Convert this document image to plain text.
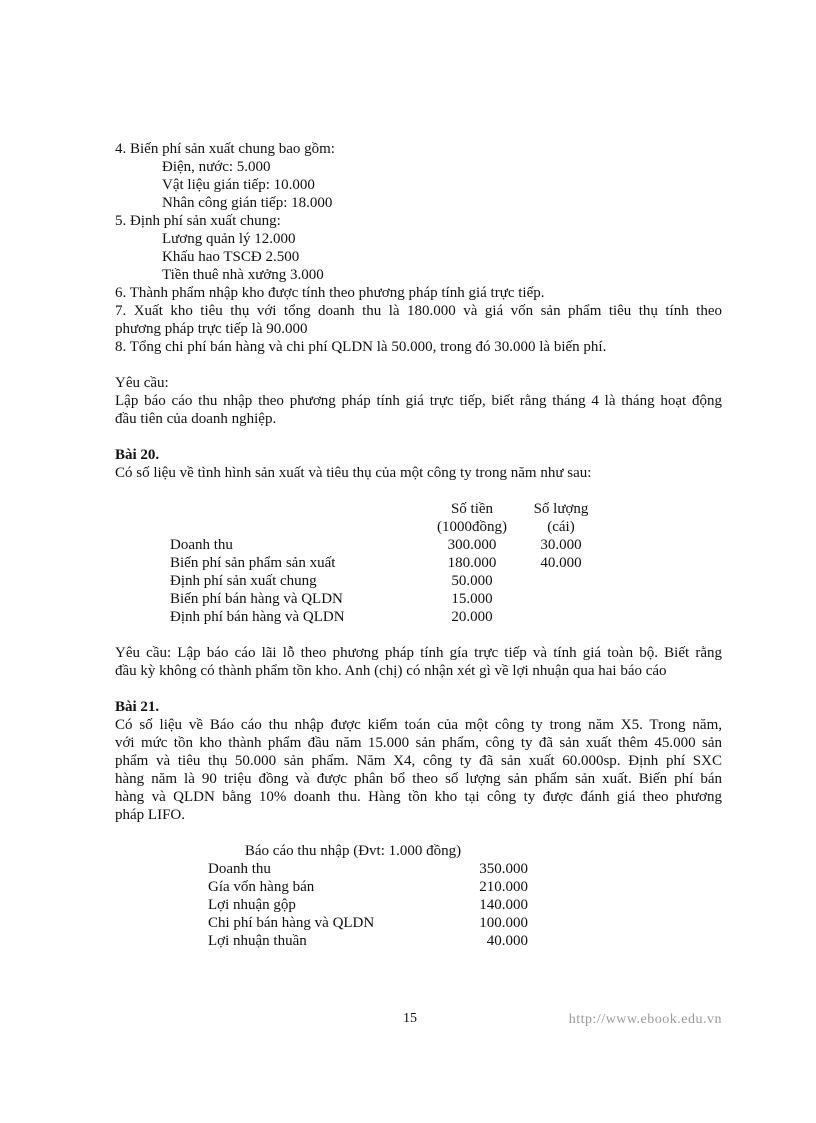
4. Biến phí sản xuất chung bao gồm:
Điện, nước: 5.000
Vật liệu gián tiếp: 10.000
Nhân công gián tiếp: 18.000
5. Định phí sản xuất chung:
Lương quản lý 12.000
Khấu hao TSCĐ 2.500
Tiền thuê nhà xưởng 3.000
6. Thành phẩm nhập kho được tính theo phương pháp tính giá trực tiếp.
7. Xuất kho tiêu thụ với tổng doanh thu là 180.000 và giá vốn sản phẩm tiêu thụ tính theo
phương pháp trực tiếp là 90.000
8. Tổng chi phí bán hàng và chi phí QLDN là 50.000, trong đó 30.000 là biến phí.
Yêu cầu:
Lập báo cáo thu nhập theo phương pháp tính giá trực tiếp, biết rằng tháng 4 là tháng hoạt động
đầu tiên của doanh nghiệp.
Bài 20.
Có số liệu về tình hình sản xuất và tiêu thụ của một công ty trong năm như sau:
	Số tiền	Số lượng
	(1000đồng)	(cái)
Doanh thu	300.000	30.000
Biến phí sản phẩm sản xuất	180.000	40.000
Định phí sản xuất chung	50.000	
Biến phí bán hàng và QLDN	15.000	
Định phí bán hàng và QLDN	20.000	
Yêu cầu: Lập báo cáo lãi lỗ theo phương pháp tính gía trực tiếp và tính giá toàn bộ. Biết rằng
đầu kỳ không có thành phẩm tồn kho. Anh (chị) có nhận xét gì về lợi nhuận qua hai báo cáo
Bài 21.
Có số liệu về Báo cáo thu nhập được kiểm toán của một công ty trong năm X5. Trong năm,
với mức tồn kho thành phẩm đầu năm 15.000 sản phẩm, công ty đã sản xuất thêm 45.000 sản
phẩm và tiêu thụ 50.000 sản phẩm. Năm X4, công ty đã sản xuất 60.000sp. Định phí SXC
hàng năm là 90 triệu đồng và được phân bổ theo số lượng sản phẩm sản xuất. Biến phí bán
hàng và QLDN bằng 10% doanh thu. Hàng tồn kho tại công ty được đánh giá theo phương
pháp LIFO.
Báo cáo thu nhập (Đvt: 1.000 đồng)	
Doanh thu	350.000
Gía vốn hàng bán	210.000
Lợi nhuận gộp	140.000
Chi phí bán hàng và QLDN	100.000
Lợi nhuận thuần	40.000
15	http://www.ebook.edu.vn
